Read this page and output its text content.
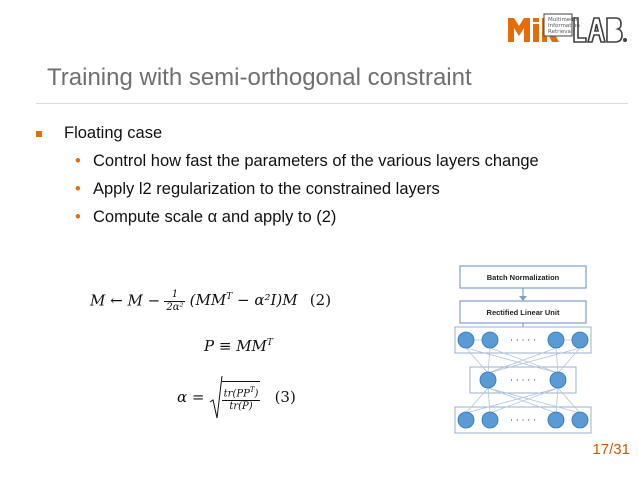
Multimedia
Information
Retrieval
Training with semi-orthogonal constraint
Floating case
• Control how fast the parameters of the various layers change
• Apply l2 regularization to the constrained layers
• Compute scale α and apply to (2)
M ← $M - \frac{1}{\text{2α²}} (MM^T - \alpha^2I)M$ (2)
$P \equiv MM^T$
$\alpha = \frac{tr(PP^T)}{tr(P)} (3)$
Batch Normalization
Rectified Linear Unit
· · · · ·
· · · · ·
· · · · ·
17/31
